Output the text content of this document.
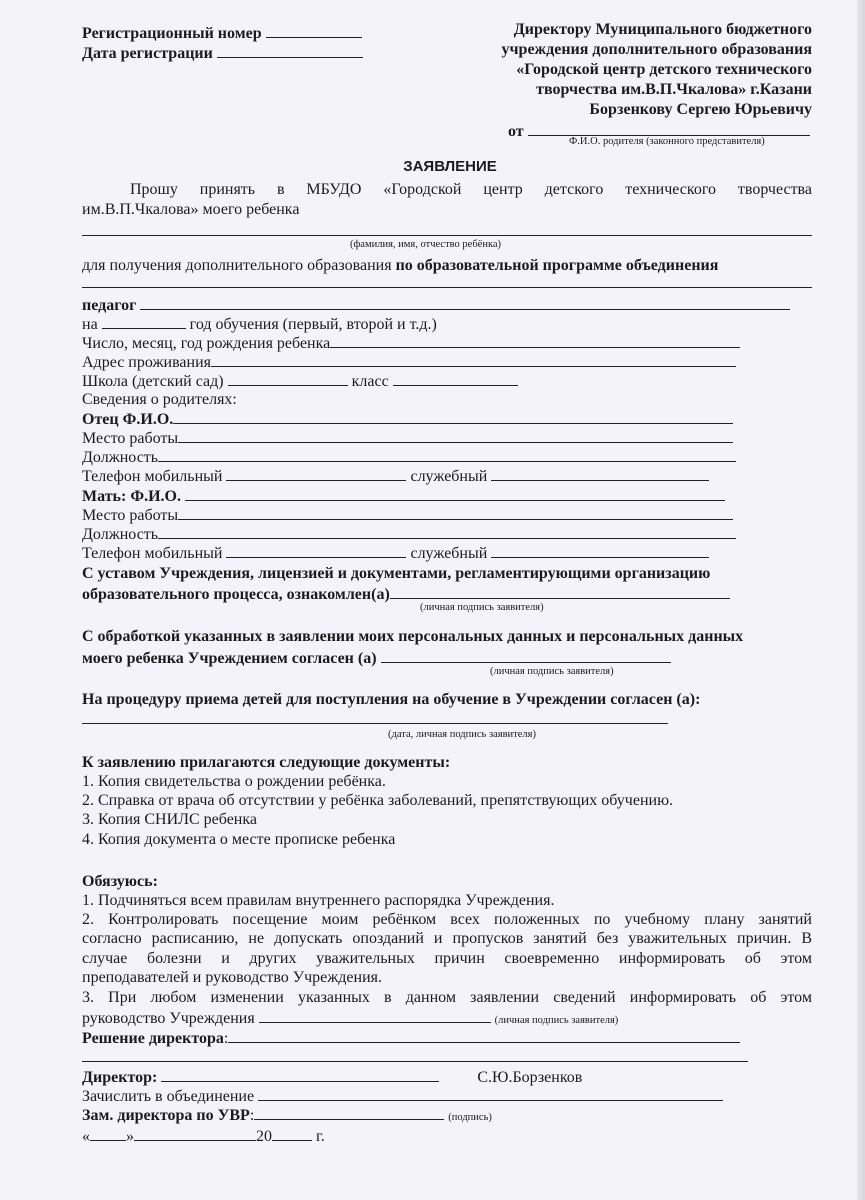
Регистрационный номер
Дата регистрации
Директору Муниципального бюджетного
учреждения дополнительного образования
«Городской центр детского технического
творчества им.В.П.Чкалова» г.Казани
Борзенкову Сергею Юрьевичу
от
Ф.И.О. родителя (законного представителя)
ЗАЯВЛЕНИЕ
Прошу принять в МБУДО «Городской центр детского технического творчества
им.В.П.Чкалова» моего ребенка
(фамилия, имя, отчество ребёнка)
для получения дополнительного образования по образовательной программе объединения
педагог
на	год обучения (первый, второй и т.д.)
Число, месяц, год рождения ребенка
Адрес проживания
Школа (детский сад)	класс
Сведения о родителях:
Отец Ф.И.О.
Место работы
Должность
Телефон мобильный	служебный
Мать: Ф.И.О.
Место работы
Должность
Телефон мобильный	служебный
С уставом Учреждения, лицензией и документами, регламентирующими организацию
образовательного процесса, ознакомлен(а)
(личная подпись заявителя)
С обработкой указанных в заявлении моих персональных данных и персональных данных
моего ребенка Учреждением согласен (а)
(личная подпись заявителя)
На процедуру приема детей для поступления на обучение в Учреждении согласен (а):
(дата, личная подпись заявителя)
К заявлению прилагаются следующие документы:
1. Копия свидетельства о рождении ребёнка.
2. Справка от врача об отсутствии у ребёнка заболеваний, препятствующих обучению.
3. Копия СНИЛС ребенка
4. Копия документа о месте прописке ребенка
Обязуюсь:
1. Подчиняться всем правилам внутреннего распорядка Учреждения.
2. Контролировать посещение моим ребёнком всех положенных по учебному плану занятий
согласно расписанию, не допускать опозданий и пропусков занятий без уважительных причин. В
случае болезни и других уважительных причин своевременно информировать об этом
преподавателей и руководство Учреждения.
3. При любом изменении указанных в данном заявлении сведений информировать об этом
руководство Учреждения	(личная подпись заявителя)
Решение директора:
Директор:	С.Ю.Борзенков
Зачислить в объединение
Зам. директора по УВР:	(подпись)
« »	20	г.
